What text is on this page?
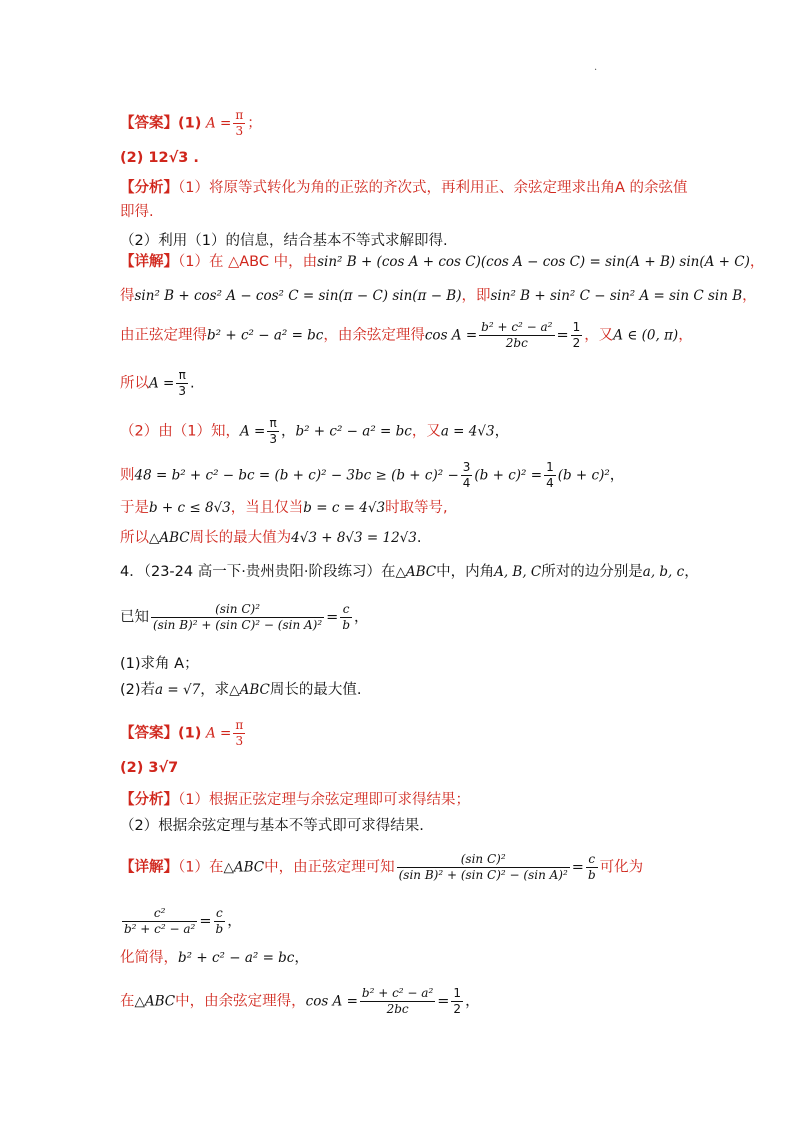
.
【答案】(1) $A = \frac{\pi}{3}$ ；
(2) 12√3 .
【分析】（1）将原等式转化为角的正弦的齐次式，再利用正、余弦定理求出角A 的余弦值
即得.
（2）利用（1）的信息，结合基本不等式求解即得.
【详解】（1）在 △ABC 中，由sin² B + (cos A + cos C)(cos A − cos C) = sin(A + B) sin(A + C)，
得sin² B + cos² A − cos² C = sin(π − C) sin(π − B)，即sin² B + sin² C − sin² A = sin C sin B，
由正弦定理得b² + c² − a² = bc，由余弦定理得$\cos A = \frac{\text{b² + c² − a²}}{2bc} = \frac{1}{2}$ ，又A ∈ (0, π)，
所以$A = \frac{\pi}{3}$ .
（2）由（1）知，$A = \frac{\pi}{3}$ ，b² + c² − a² = bc，又a = 4√3，
则48 = b² + c² − bc = $(b + c)^2 - 3bc \ge (b + c)^2 - \frac{3}{4} (b + c)^2 = \frac{1}{4} (b + c)^2$，
于是b + c ≤ 8√3，当且仅当b = c = 4√3时取等号,
所以△ABC周长的最大值为4√3 + 8√3 = 12√3.
4．（23-24 高一下·贵州贵阳·阶段练习）在△ABC中，内角A, B, C所对的边分别是a, b, c，
已知 $\frac{\text{(sin C)²}}{\text{(sin B)² + (sin C)² − (sin A)²}} = \frac{c}{b}$ ，
(1)求角 A；
(2)若a = √7，求△ABC周长的最大值.
【答案】(1) $A = \frac{\pi}{3}$
(2) 3√7
【分析】（1）根据正弦定理与余弦定理即可求得结果；
（2）根据余弦定理与基本不等式即可求得结果.
【详解】（1）在△ABC中，由正弦定理可知 $\frac{\text{(sin C)²}}{\text{(sin B)² + (sin C)² − (sin A)²}} = \frac{c}{b}$ 可化为
$\frac{\text{c²}}{\text{b² + c² − a²}} = \frac{c}{b}$ ，
化简得，b² + c² − a² = bc，
在△ABC中，由余弦定理得，$\cos A = \frac{\text{b² + c² − a²}}{2bc} = \frac{1}{2}$ ，
